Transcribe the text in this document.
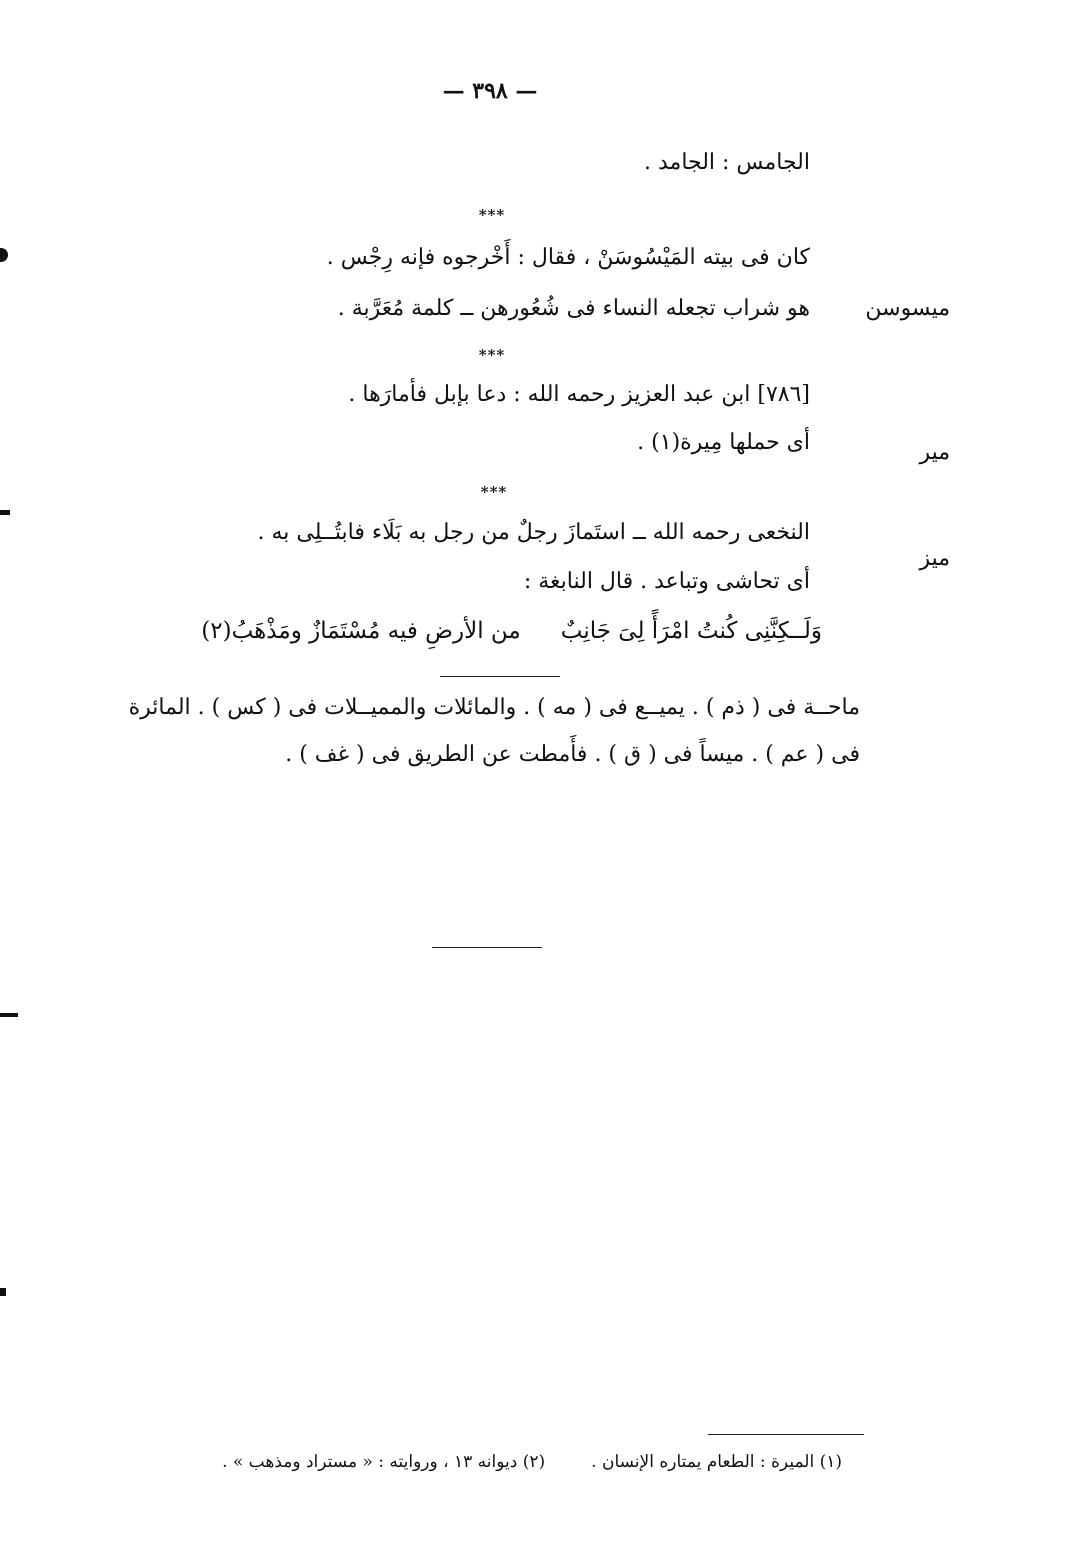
— ٣٩٨ —
الجامس : الجامد .
***
كان فى بيته المَيْسُوسَنْ ، فقال : أَخْرجوه فإنه رِجْس .
هو شراب تجعله النساء فى شُعُورهن ــ كلمة مُعَرَّبة .	ميسوسن
***
[٧٨٦] ابن عبد العزيز رحمه الله : دعا بإبل فأمارَها .
أى حملها مِيرة(١) .	مير
***
النخعى رحمه الله ــ استَمازَ رجلٌ من رجل به بَلَاء فابتُــلِى به .
أى تحاشى وتباعد . قال النابغة :
ميز
وَلَــكِنَّنِى كُنتُ امْرَأً لِىَ جَانِبٌمن الأرضِ فيه مُسْتَمَازٌ ومَذْهَبُ(٢)
ماحــة فى ( ذم ) . يميــع فى ( مه ) . والمائلات والمميــلات فى ( كس ) . المائرة
فى ( عم ) . ميساً فى ( ق ) . فأَمطت عن الطريق فى ( غف ) .
(١) الميرة : الطعام يمتاره الإنسان .(٢) ديوانه ١٣ ، وروايته : « مستراد ومذهب » .
